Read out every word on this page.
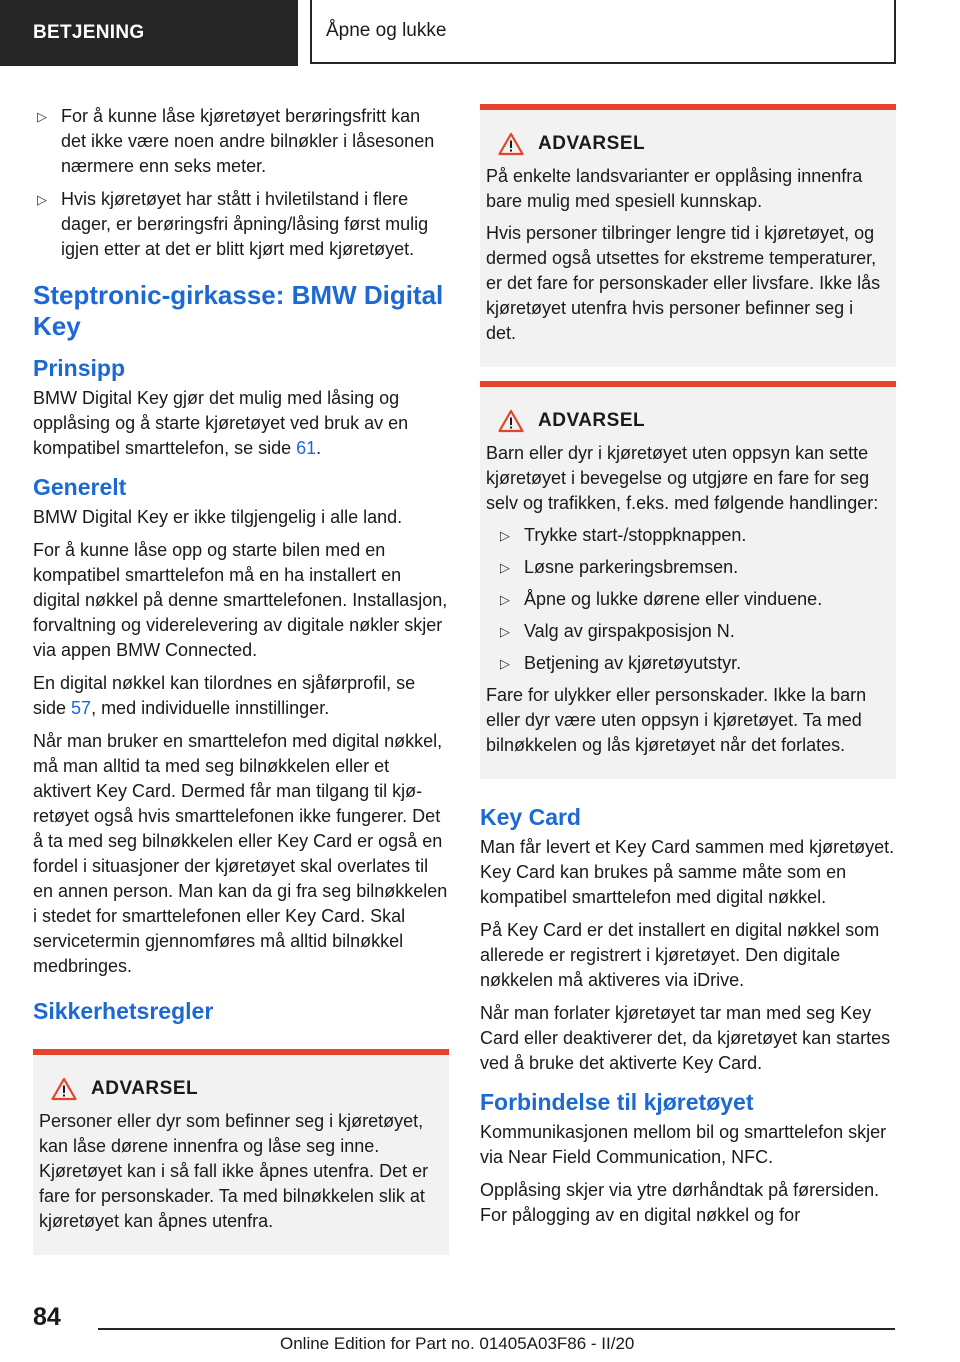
BETJENING	Åpne og lukke
▷ For å kunne låse kjøretøyet berøringsfritt kan det ikke være noen andre bilnøkler i låsesonen nærmere enn seks meter.
▷ Hvis kjøretøyet har stått i hviletilstand i flere dager, er berøringsfri åpning/låsing først mulig igjen etter at det er blitt kjørt med kjøretøyet.
Steptronic-girkasse: BMW Digital Key
Prinsipp

BMW Digital Key gjør det mulig med låsing og opplåsing og å starte kjøretøyet ved bruk av en kompatibel smarttelefon, se side 61.

Generelt

BMW Digital Key er ikke tilgjengelig i alle land.

For å kunne låse opp og starte bilen med en kompatibel smarttelefon må en ha installert en digital nøkkel på denne smarttelefonen. Installasjon, forvaltning og viderelevering av digitale nøkler skjer via appen BMW Connected.

En digital nøkkel kan tilordnes en sjåførprofil, se side 57, med individuelle innstillinger.

Når man bruker en smarttelefon med digital nøkkel, må man alltid ta med seg bilnøkkelen eller et aktivert Key Card. Dermed får man tilgang til kjøretøyet også hvis smarttelefonen ikke fungerer. Det å ta med seg bilnøkkelen eller Key Card er også en fordel i situasjoner der kjøretøyet skal overlates til en annen person. Man kan da gi fra seg bilnøkkelen i stedet for smarttelefonen eller Key Card. Skal servicetermin gjennomføres må alltid bilnøkkel medbringes.

Sikkerhetsregler
ADVARSEL

Personer eller dyr som befinner seg i kjøretøyet, kan låse dørene innenfra og låse seg inne. Kjøretøyet kan i så fall ikke åpnes utenfra. Det er fare for personskader. Ta med bilnøkkelen slik at kjøretøyet kan åpnes utenfra.

ADVARSEL

På enkelte landsvarianter er opplåsing innenfra bare mulig med spesiell kunnskap.

Hvis personer tilbringer lengre tid i kjøretøyet, og dermed også utsettes for ekstreme temperaturer, er det fare for personskader eller livsfare. Ikke lås kjøretøyet utenfra hvis personer befinner seg i det.

ADVARSEL

Barn eller dyr i kjøretøyet uten oppsyn kan sette kjøretøyet i bevegelse og utgjøre en fare for seg selv og trafikken, f.eks. med følgende handlinger:

▷ Trykke start-/stoppknappen.
▷ Løsne parkeringsbremsen.
▷ Åpne og lukke dørene eller vinduene.
▷ Valg av girspakposisjon N.
▷ Betjening av kjøretøyutstyr.

Fare for ulykker eller personskader. Ikke la barn eller dyr være uten oppsyn i kjøretøyet. Ta med bilnøkkelen og lås kjøretøyet når det forlates.

Key Card

Man får levert et Key Card sammen med kjøretøyet. Key Card kan brukes på samme måte som en kompatibel smarttelefon med digital nøkkel.

På Key Card er det installert en digital nøkkel som allerede er registrert i kjøretøyet. Den digitale nøkkelen må aktiveres via iDrive.

Når man forlater kjøretøyet tar man med seg Key Card eller deaktiverer det, da kjøretøyet kan startes ved å bruke det aktiverte Key Card.

Forbindelse til kjøretøyet

Kommunikasjonen mellom bil og smarttelefon skjer via Near Field Communication, NFC.

Opplåsing skjer via ytre dørhåndtak på førersiden. For pålogging av en digital nøkkel og for

84
Online Edition for Part no. 01405A03F86 - II/20
